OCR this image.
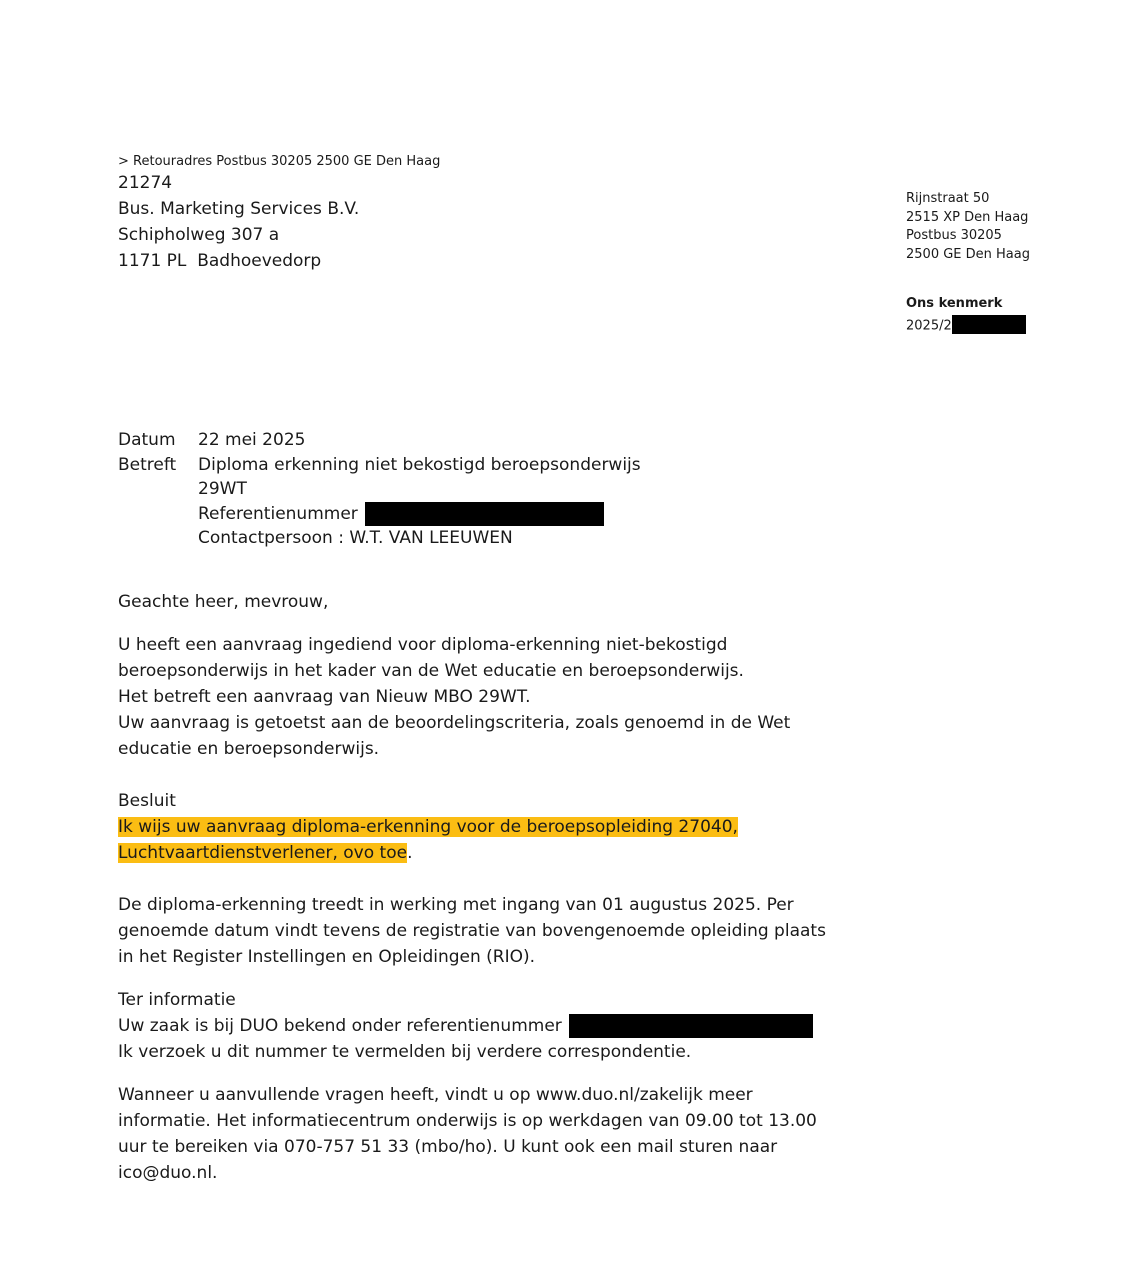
> Retouradres Postbus 30205 2500 GE Den Haag
21274
Bus. Marketing Services B.V.
Schipholweg 307 a
1171 PL  Badhoevedorp
Rijnstraat 50
2515 XP Den Haag
Postbus 30205
2500 GE Den Haag
Ons kenmerk
2025/2
Datum	22 mei 2025
Betreft	Diploma erkenning niet bekostigd beroepsonderwijs
29WT
Referentienummer
Contactpersoon : W.T. VAN LEEUWEN
Geachte heer, mevrouw,
U heeft een aanvraag ingediend voor diploma-erkenning niet-bekostigd
beroepsonderwijs in het kader van de Wet educatie en beroepsonderwijs.
Het betreft een aanvraag van Nieuw MBO 29WT.
Uw aanvraag is getoetst aan de beoordelingscriteria, zoals genoemd in de Wet
educatie en beroepsonderwijs.
Besluit
Ik wijs uw aanvraag diploma-erkenning voor de beroepsopleiding 27040,
Luchtvaartdienstverlener, ovo toe.
De diploma-erkenning treedt in werking met ingang van 01 augustus 2025. Per
genoemde datum vindt tevens de registratie van bovengenoemde opleiding plaats
in het Register Instellingen en Opleidingen (RIO).
Ter informatie
Uw zaak is bij DUO bekend onder referentienummer
Ik verzoek u dit nummer te vermelden bij verdere correspondentie.
Wanneer u aanvullende vragen heeft, vindt u op www.duo.nl/zakelijk meer
informatie. Het informatiecentrum onderwijs is op werkdagen van 09.00 tot 13.00
uur te bereiken via 070-757 51 33 (mbo/ho). U kunt ook een mail sturen naar
ico@duo.nl.
